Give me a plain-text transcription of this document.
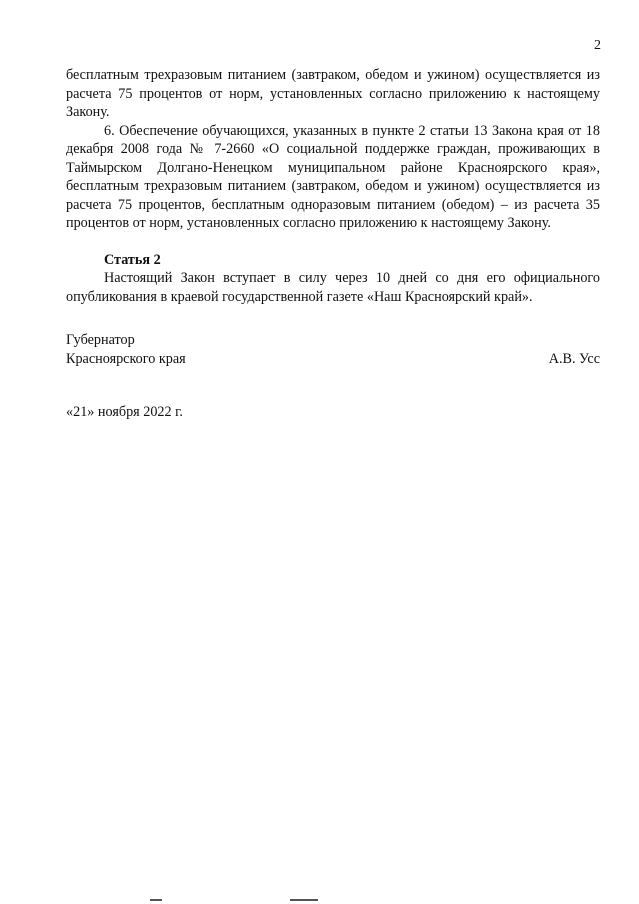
2

бесплатным трехразовым питанием (завтраком, обедом и ужином) осуществляется из расчета 75 процентов от норм, установленных согласно приложению к настоящему Закону.

6. Обеспечение обучающихся, указанных в пункте 2 статьи 13 Закона края от 18 декабря 2008 года № 7-2660 «О социальной поддержке граждан, проживающих в Таймырском Долгано-Ненецком муниципальном районе Красноярского края», бесплатным трехразовым питанием (завтраком, обедом и ужином) осуществляется из расчета 75 процентов, бесплатным одноразовым питанием (обедом) – из расчета 35 процентов от норм, установленных согласно приложению к настоящему Закону.

Статья 2

Настоящий Закон вступает в силу через 10 дней со дня его официального опубликования в краевой государственной газете «Наш Красноярский край».

Губернатор
Красноярского края	А.В. Усс
«21» ноября 2022 г.
